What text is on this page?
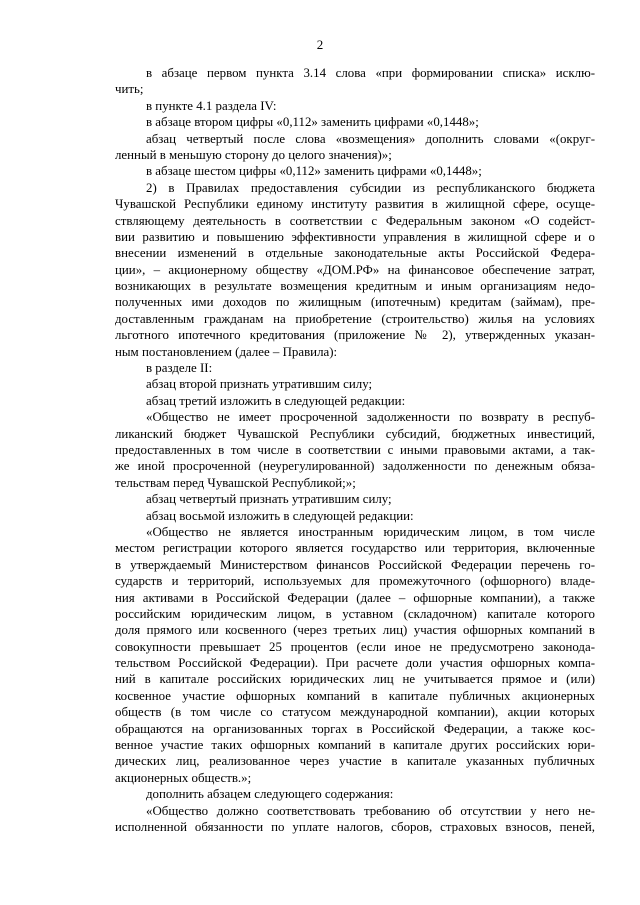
2
в абзаце первом пункта 3.14 слова «при формировании списка» исклю-
чить;
в пункте 4.1 раздела IV:
в абзаце втором цифры «0,112» заменить цифрами «0,1448»;
абзац четвертый после слова «возмещения» дополнить словами «(округ-
ленный в меньшую сторону до целого значения)»;
в абзаце шестом цифры «0,112» заменить цифрами «0,1448»;
2) в Правилах предоставления субсидии из республиканского бюджета
Чувашской Республики единому институту развития в жилищной сфере, осуще-
ствляющему деятельность в соответствии с Федеральным законом «О содейст-
вии развитию и повышению эффективности управления в жилищной сфере и о
внесении изменений в отдельные законодательные акты Российской Федера-
ции», – акционерному обществу «ДОМ.РФ» на финансовое обеспечение затрат,
возникающих в результате возмещения кредитным и иным организациям недо-
полученных ими доходов по жилищным (ипотечным) кредитам (займам), пре-
доставленным гражданам на приобретение (строительство) жилья на условиях
льготного ипотечного кредитования (приложение № 2), утвержденных указан-
ным постановлением (далее – Правила):
в разделе II:
абзац второй признать утратившим силу;
абзац третий изложить в следующей редакции:
«Общество не имеет просроченной задолженности по возврату в респуб-
ликанский бюджет Чувашской Республики субсидий, бюджетных инвестиций,
предоставленных в том числе в соответствии с иными правовыми актами, а так-
же иной просроченной (неурегулированной) задолженности по денежным обяза-
тельствам перед Чувашской Республикой;»;
абзац четвертый признать утратившим силу;
абзац восьмой изложить в следующей редакции:
«Общество не является иностранным юридическим лицом, в том числе
местом регистрации которого является государство или территория, включенные
в утверждаемый Министерством финансов Российской Федерации перечень го-
сударств и территорий, используемых для промежуточного (офшорного) владе-
ния активами в Российской Федерации (далее – офшорные компании), а также
российским юридическим лицом, в уставном (складочном) капитале которого
доля прямого или косвенного (через третьих лиц) участия офшорных компаний в
совокупности превышает 25 процентов (если иное не предусмотрено законода-
тельством Российской Федерации). При расчете доли участия офшорных компа-
ний в капитале российских юридических лиц не учитывается прямое и (или)
косвенное участие офшорных компаний в капитале публичных акционерных
обществ (в том числе со статусом международной компании), акции которых
обращаются на организованных торгах в Российской Федерации, а также кос-
венное участие таких офшорных компаний в капитале других российских юри-
дических лиц, реализованное через участие в капитале указанных публичных
акционерных обществ.»;
дополнить абзацем следующего содержания:
«Общество должно соответствовать требованию об отсутствии у него не-
исполненной обязанности по уплате налогов, сборов, страховых взносов, пеней,
